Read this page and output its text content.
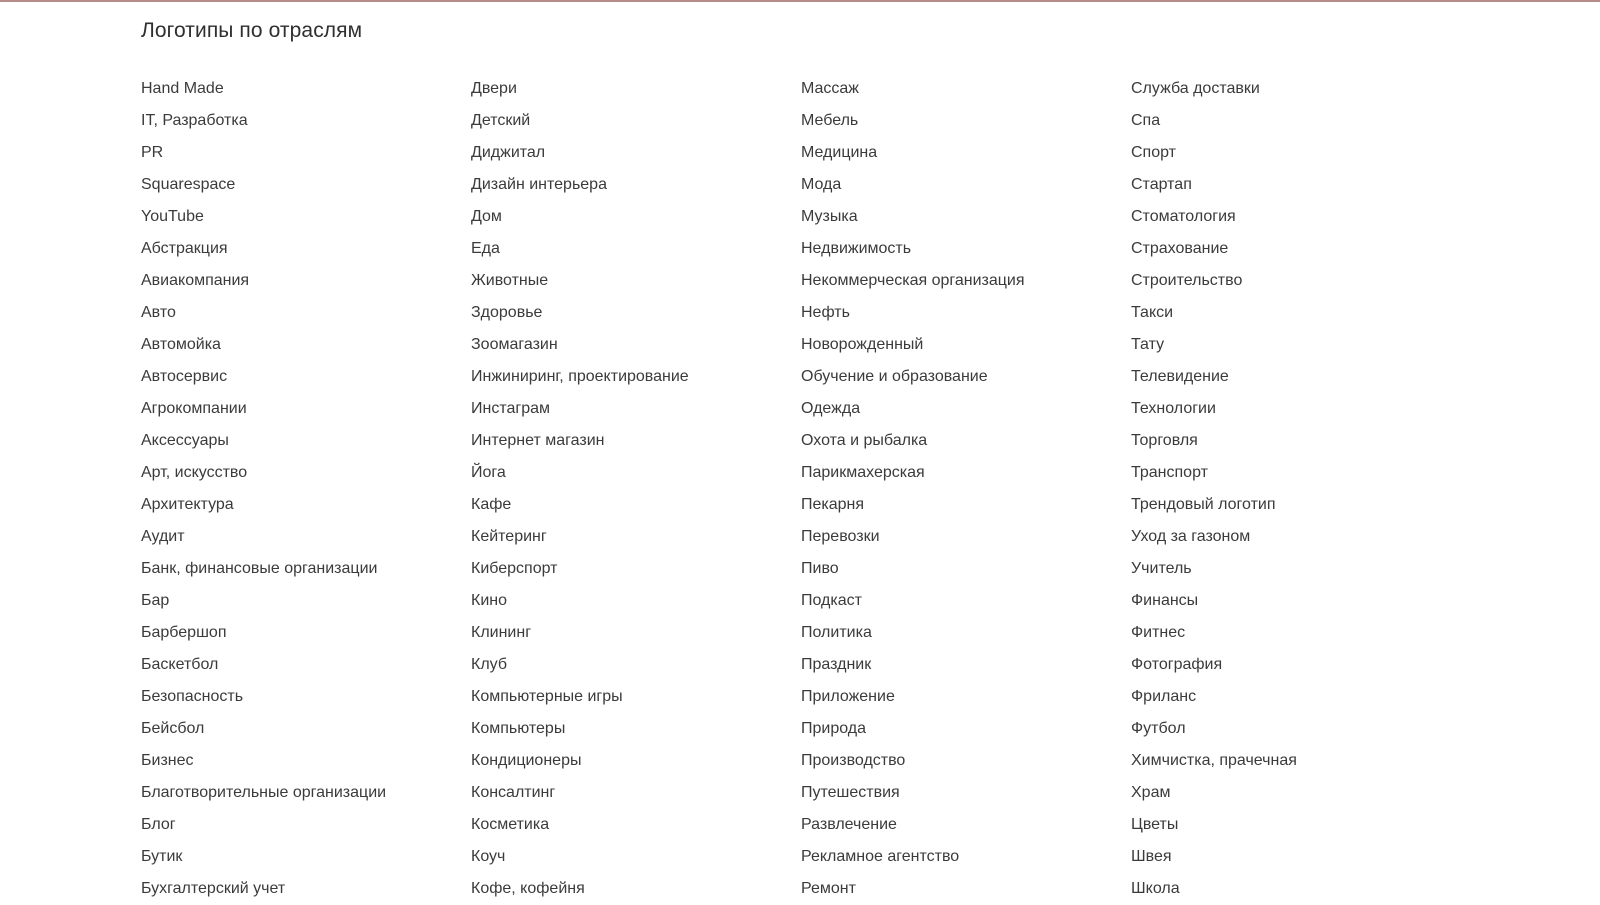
Логотипы по отраслям
Hand Made
IT, Разработка
PR
Squarespace
YouTube
Абстракция
Авиакомпания
Авто
Автомойка
Автосервис
Агрокомпании
Аксессуары
Арт, искусство
Архитектура
Аудит
Банк, финансовые организации
Бар
Барбершоп
Баскетбол
Безопасность
Бейсбол
Бизнес
Благотворительные организации
Блог
Бутик
Бухгалтерский учет
Двери
Детский
Диджитал
Дизайн интерьера
Дом
Еда
Животные
Здоровье
Зоомагазин
Инжиниринг, проектирование
Инстаграм
Интернет магазин
Йога
Кафе
Кейтеринг
Киберспорт
Кино
Клининг
Клуб
Компьютерные игры
Компьютеры
Кондиционеры
Консалтинг
Косметика
Коуч
Кофе, кофейня
Массаж
Мебель
Медицина
Мода
Музыка
Недвижимость
Некоммерческая организация
Нефть
Новорожденный
Обучение и образование
Одежда
Охота и рыбалка
Парикмахерская
Пекарня
Перевозки
Пиво
Подкаст
Политика
Праздник
Приложение
Природа
Производство
Путешествия
Развлечение
Рекламное агентство
Ремонт
Служба доставки
Спа
Спорт
Стартап
Стоматология
Страхование
Строительство
Такси
Тату
Телевидение
Технологии
Торговля
Транспорт
Трендовый логотип
Уход за газоном
Учитель
Финансы
Фитнес
Фотография
Фриланс
Футбол
Химчистка, прачечная
Храм
Цветы
Швея
Школа
